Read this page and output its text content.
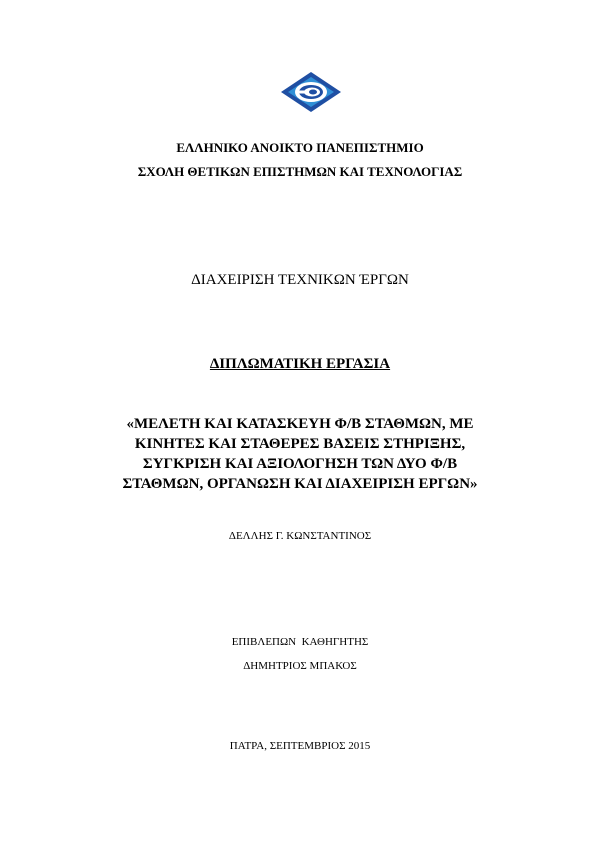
ΕΛΛΗΝΙΚΟ ΑΝΟΙΚΤΟ ΠΑΝΕΠΙΣΤΗΜΙΟ
ΣΧΟΛΗ ΘΕΤΙΚΩΝ ΕΠΙΣΤΗΜΩΝ ΚΑΙ ΤΕΧΝΟΛΟΓΙΑΣ
ΔΙΑΧΕΙΡΙΣΗ ΤΕΧΝΙΚΩΝ ΈΡΓΩΝ
ΔΙΠΛΩΜΑΤΙΚΗ ΕΡΓΑΣΙΑ
«ΜΕΛΕΤΗ ΚΑΙ ΚΑΤΑΣΚΕΥΗ Φ/Β ΣΤΑΘΜΩΝ, ΜΕ
ΚΙΝΗΤΕΣ ΚΑΙ ΣΤΑΘΕΡΕΣ ΒΑΣΕΙΣ ΣΤΗΡΙΞΗΣ,
ΣΥΓΚΡΙΣΗ ΚΑΙ ΑΞΙΟΛΟΓΗΣΗ ΤΩΝ ΔΥΟ Φ/Β
ΣΤΑΘΜΩΝ, ΟΡΓΑΝΩΣΗ ΚΑΙ ΔΙΑΧΕΙΡΙΣΗ ΕΡΓΩΝ»
ΔΕΛΛΗΣ Γ. ΚΩΝΣΤΑΝΤΙΝΟΣ
ΕΠΙΒΛΕΠΩΝ  ΚΑΘΗΓΗΤΗΣ
ΔΗΜΗΤΡΙΟΣ ΜΠΑΚΟΣ
ΠΑΤΡΑ, ΣΕΠΤΕΜΒΡΙΟΣ 2015
